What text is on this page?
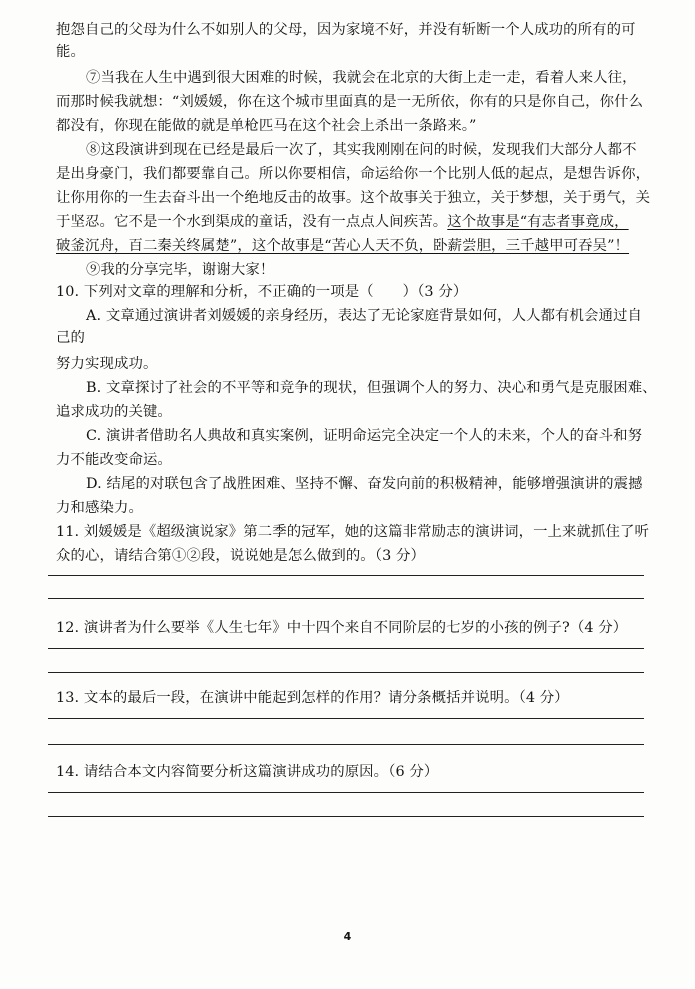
抱怨自己的父母为什么不如别人的父母，因为家境不好，并没有斩断一个人成功的所有的可
能。
⑦当我在人生中遇到很大困难的时候，我就会在北京的大街上走一走，看着人来人往，
而那时候我就想：“刘媛媛，你在这个城市里面真的是一无所依，你有的只是你自己，你什么
都没有，你现在能做的就是单枪匹马在这个社会上杀出一条路来。”
⑧这段演讲到现在已经是最后一次了，其实我刚刚在问的时候，发现我们大部分人都不
是出身豪门，我们都要靠自己。所以你要相信，命运给你一个比别人低的起点，是想告诉你，
让你用你的一生去奋斗出一个绝地反击的故事。这个故事关于独立，关于梦想，关于勇气，关
于坚忍。它不是一个水到渠成的童话，没有一点点人间疾苦。这个故事是“有志者事竟成，
破釜沉舟，百二秦关终属楚”，这个故事是“苦心人天不负，卧薪尝胆，三千越甲可吞吴”！
⑨我的分享完毕，谢谢大家！
10. 下列对文章的理解和分析，不正确的一项是（　　）（3 分）
A. 文章通过演讲者刘媛媛的亲身经历，表达了无论家庭背景如何，人人都有机会通过自
己的
努力实现成功。
B. 文章探讨了社会的不平等和竞争的现状，但强调个人的努力、决心和勇气是克服困难、
追求成功的关键。
C. 演讲者借助名人典故和真实案例，证明命运完全决定一个人的未来，个人的奋斗和努
力不能改变命运。
D. 结尾的对联包含了战胜困难、坚持不懈、奋发向前的积极精神，能够增强演讲的震撼
力和感染力。
11. 刘媛媛是《超级演说家》第二季的冠军，她的这篇非常励志的演讲词，一上来就抓住了听
众的心，请结合第①②段，说说她是怎么做到的。（3 分）
12. 演讲者为什么要举《人生七年》中十四个来自不同阶层的七岁的小孩的例子?（4 分）
13. 文本的最后一段，在演讲中能起到怎样的作用？请分条概括并说明。（4 分）
14. 请结合本文内容简要分析这篇演讲成功的原因。（6 分）
4
